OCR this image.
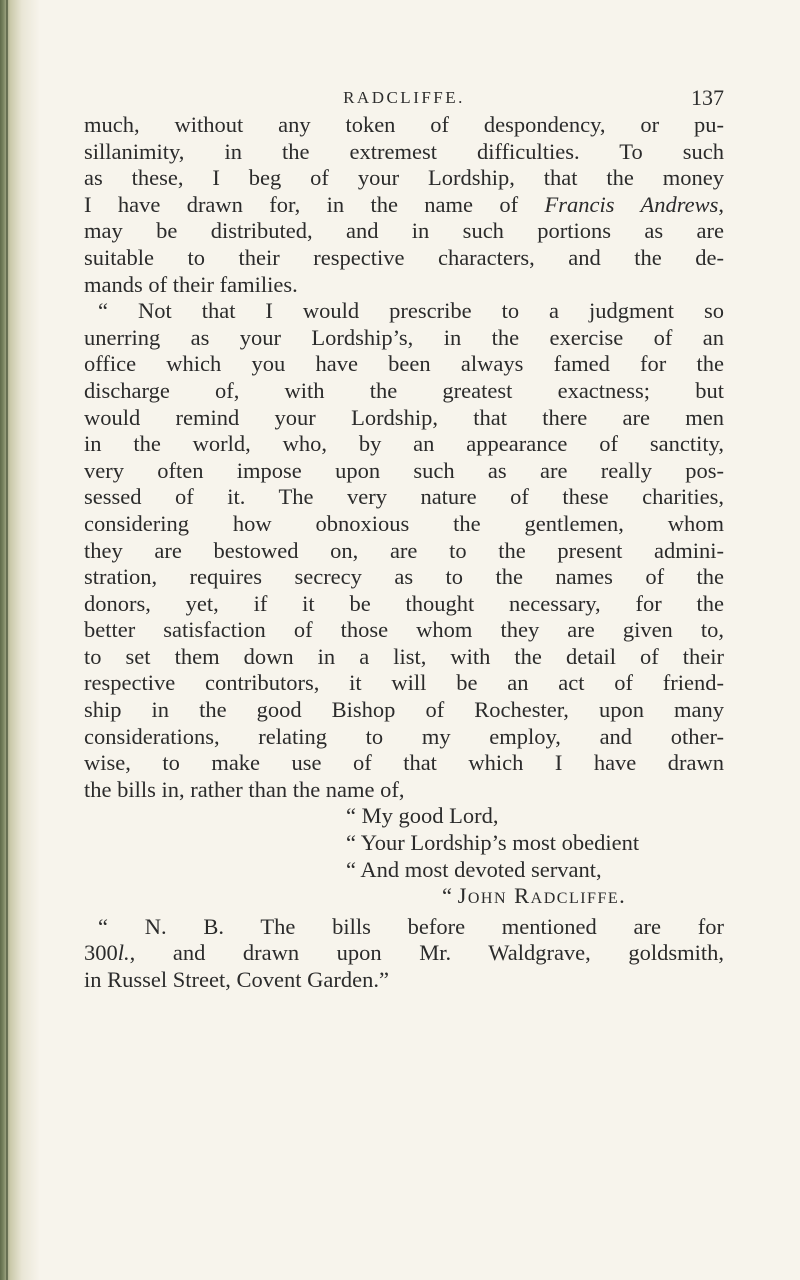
RADCLIFFE.	137
much, without any token of despondency, or pu-
sillanimity, in the extremest difficulties. To such
as these, I beg of your Lordship, that the money
I have drawn for, in the name of Francis Andrews,
may be distributed, and in such portions as are
suitable to their respective characters, and the de-
mands of their families.
“ Not that I would prescribe to a judgment so
unerring as your Lordship’s, in the exercise of an
office which you have been always famed for the
discharge of, with the greatest exactness; but
would remind your Lordship, that there are men
in the world, who, by an appearance of sanctity,
very often impose upon such as are really pos-
sessed of it. The very nature of these charities,
considering how obnoxious the gentlemen, whom
they are bestowed on, are to the present admini-
stration, requires secrecy as to the names of the
donors, yet, if it be thought necessary, for the
better satisfaction of those whom they are given to,
to set them down in a list, with the detail of their
respective contributors, it will be an act of friend-
ship in the good Bishop of Rochester, upon many
considerations, relating to my employ, and other-
wise, to make use of that which I have drawn
the bills in, rather than the name of,
“ My good Lord,
“ Your Lordship’s most obedient
“ And most devoted servant,
“ John Radcliffe.
“ N. B. The bills before mentioned are for
300l., and drawn upon Mr. Waldgrave, goldsmith,
in Russel Street, Covent Garden.”
